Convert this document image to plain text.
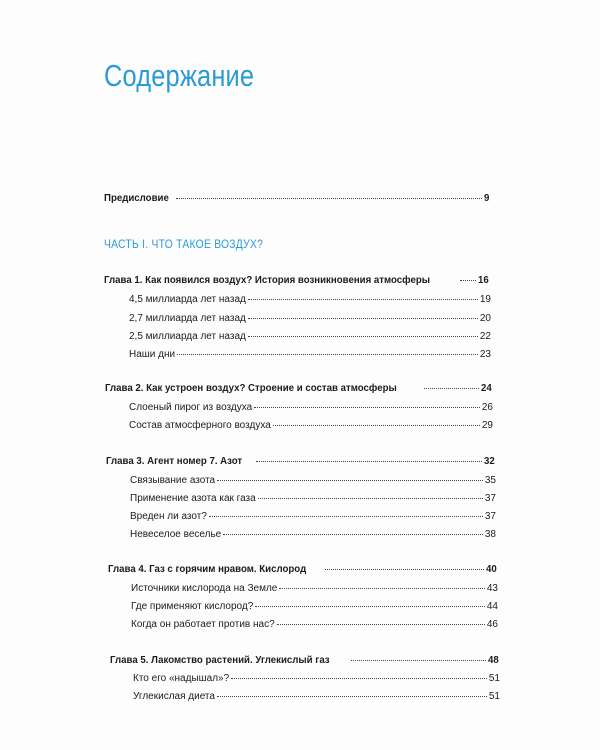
Содержание
Предисловие	9
ЧАСТЬ I. ЧТО ТАКОЕ ВОЗДУХ?
Глава 1. Как появился воздух? История возникновения атмосферы	16
4,5 миллиарда лет назад	19
2,7 миллиарда лет назад	20
2,5 миллиарда лет назад	22
Наши дни	23
Глава 2. Как устроен воздух? Строение и состав атмосферы	24
Слоеный пирог из воздуха	26
Состав атмосферного воздуха	29
Глава 3. Агент номер 7. Азот	32
Связывание азота	35
Применение азота как газа	37
Вреден ли азот?	37
Невеселое веселье	38
Глава 4. Газ с горячим нравом. Кислород	40
Источники кислорода на Земле	43
Где применяют кислород?	44
Когда он работает против нас?	46
Глава 5. Лакомство растений. Углекислый газ	48
Кто его «надышал»?	51
Углекислая диета	51
